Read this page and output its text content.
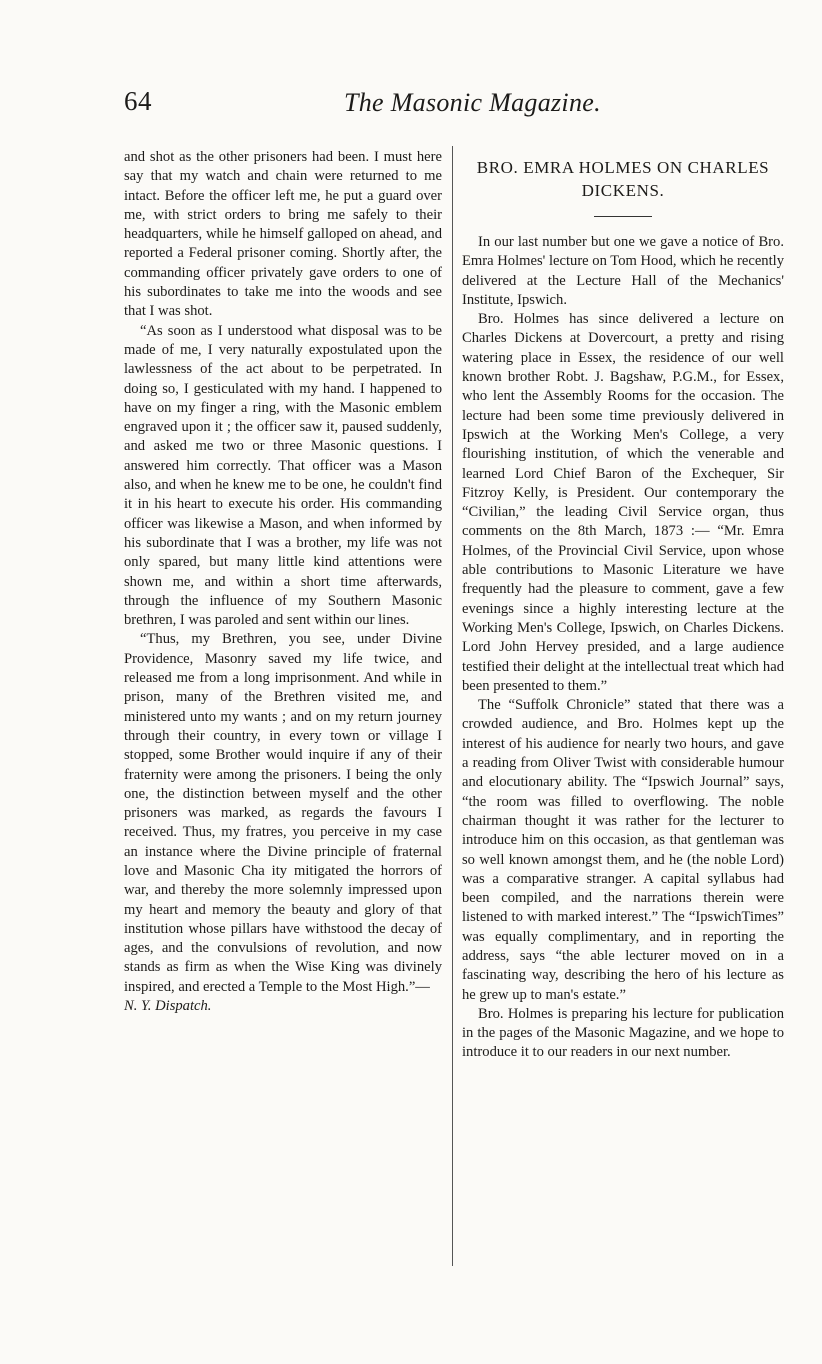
64	The Masonic Magazine.

and shot as the other prisoners had been. I must here say that my watch and chain were returned to me intact. Before the officer left me, he put a guard over me, with strict orders to bring me safely to their headquarters, while he himself galloped on ahead, and reported a Federal prisoner coming. Shortly after, the commanding officer privately gave orders to one of his subordinates to take me into the woods and see that I was shot.

“As soon as I understood what disposal was to be made of me, I very naturally expostulated upon the lawlessness of the act about to be perpetrated. In doing so, I gesticulated with my hand. I happened to have on my finger a ring, with the Masonic emblem engraved upon it ; the officer saw it, paused suddenly, and asked me two or three Masonic questions. I answered him correctly. That officer was a Mason also, and when he knew me to be one, he couldn't find it in his heart to execute his order. His commanding officer was likewise a Mason, and when informed by his subordinate that I was a brother, my life was not only spared, but many little kind attentions were shown me, and within a short time afterwards, through the influence of my Southern Masonic brethren, I was paroled and sent within our lines.

“Thus, my Brethren, you see, under Divine Providence, Masonry saved my life twice, and released me from a long imprisonment. And while in prison, many of the Brethren visited me, and ministered unto my wants ; and on my return journey through their country, in every town or village I stopped, some Brother would inquire if any of their fraternity were among the prisoners. I being the only one, the distinction between myself and the other prisoners was marked, as regards the favours I received. Thus, my fratres, you perceive in my case an instance where the Divine principle of fraternal love and Masonic Cha ity mitigated the horrors of war, and thereby the more solemnly impressed upon my heart and memory the beauty and glory of that institution whose pillars have withstood the decay of ages, and the convulsions of revolution, and now stands as firm as when the Wise King was divinely inspired, and erected a Temple to the Most High.”—

N. Y. Dispatch.

BRO. EMRA HOLMES ON CHARLES DICKENS.

In our last number but one we gave a notice of Bro. Emra Holmes' lecture on Tom Hood, which he recently delivered at the Lecture Hall of the Mechanics' Institute, Ipswich.

Bro. Holmes has since delivered a lecture on Charles Dickens at Dovercourt, a pretty and rising watering place in Essex, the residence of our well known brother Robt. J. Bagshaw, P.G.M., for Essex, who lent the Assembly Rooms for the occasion. The lecture had been some time previously delivered in Ipswich at the Working Men's College, a very flourishing institution, of which the venerable and learned Lord Chief Baron of the Exchequer, Sir Fitzroy Kelly, is President. Our contemporary the “Civilian,” the leading Civil Service organ, thus comments on the 8th March, 1873 :— “Mr. Emra Holmes, of the Provincial Civil Service, upon whose able contributions to Masonic Literature we have frequently had the pleasure to comment, gave a few evenings since a highly interesting lecture at the Working Men's College, Ipswich, on Charles Dickens. Lord John Hervey presided, and a large audience testified their delight at the intellectual treat which had been presented to them.”

The “Suffolk Chronicle” stated that there was a crowded audience, and Bro. Holmes kept up the interest of his audience for nearly two hours, and gave a reading from Oliver Twist with considerable humour and elocutionary ability. The “Ipswich Journal” says, “the room was filled to overflowing. The noble chairman thought it was rather for the lecturer to introduce him on this occasion, as that gentleman was so well known amongst them, and he (the noble Lord) was a comparative stranger. A capital syllabus had been compiled, and the narrations therein were listened to with marked interest.” The “IpswichTimes” was equally complimentary, and in reporting the address, says “the able lecturer moved on in a fascinating way, describing the hero of his lecture as he grew up to man's estate.”

Bro. Holmes is preparing his lecture for publication in the pages of the Masonic Magazine, and we hope to introduce it to our readers in our next number.
